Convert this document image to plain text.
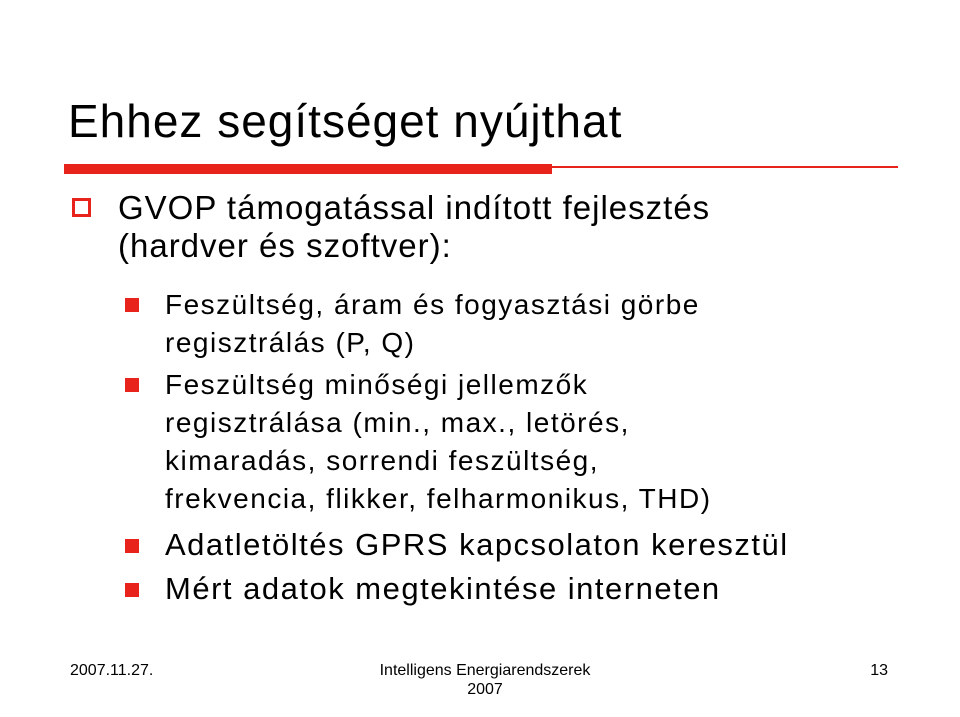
Ehhez segítséget nyújthat
GVOP támogatással indított fejlesztés
(hardver és szoftver):
Feszültség, áram és fogyasztási görbe
regisztrálás (P, Q)
Feszültség minőségi jellemzők
regisztrálása (min., max., letörés,
kimaradás, sorrendi feszültség,
frekvencia, flikker, felharmonikus, THD)
Adatletöltés GPRS kapcsolaton keresztül
Mért adatok megtekintése interneten
2007.11.27.	Intelligens Energiarendszerek
2007
13
